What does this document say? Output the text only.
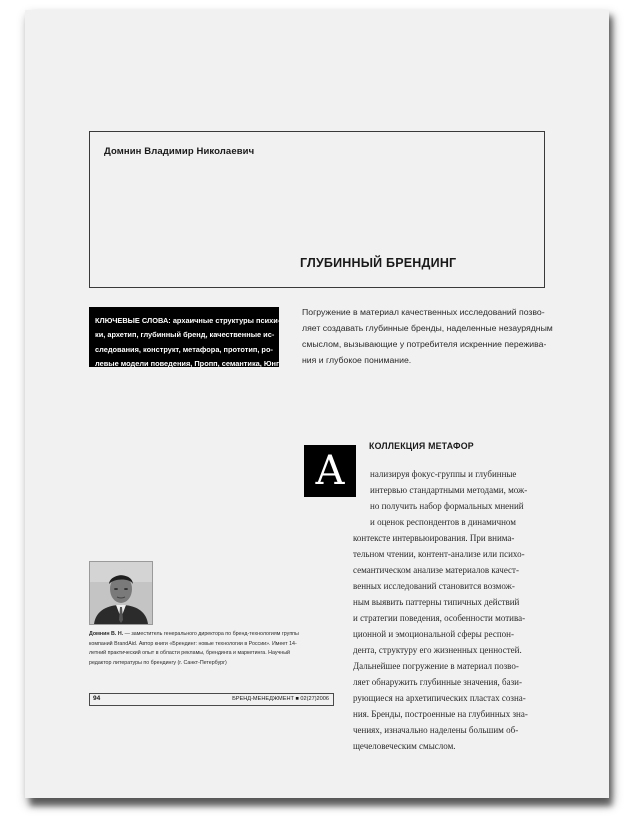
Домнин Владимир Николаевич
ГЛУБИННЫЙ БРЕНДИНГ
КЛЮЧЕВЫЕ СЛОВА: архаичные структуры психи-
ки, архетип, глубинный бренд, качественные ис-
следования, конструкт, метафора, прототип, ро-
левые модели поведения, Пропп, семантика, Юнг
Погружение в материал качественных исследований позво-
ляет создавать глубинные бренды, наделенные незаурядным
смыслом, вызывающие у потребителя искренние пережива-
ния и глубокое понимание.
КОЛЛЕКЦИЯ МЕТАФОР
А	нализируя фокус-группы и глубинные
интервью стандартными методами, мож-
но получить набор формальных мнений
и оценок респондентов в динамичном
контексте интервьюирования. При внима-
тельном чтении, контент-анализе или психо-
семантическом анализе материалов качест-
венных исследований становится возмож-
ным выявить паттерны типичных действий
и стратегии поведения, особенности мотива-
ционной и эмоциональной сферы респон-
дента, структуру его жизненных ценностей.
Дальнейшее погружение в материал позво-
ляет обнаружить глубинные значения, бази-
рующиеся на архетипических пластах созна-
ния. Бренды, построенные на глубинных зна-
чениях, изначально наделены большим об-
щечеловеческим смыслом.
Домнин В. Н. — заместитель генерального директора по бренд-технологиям группы
компаний BrandAid. Автор книги «Брендинг: новые технологии в России». Имеет 14-
летний практический опыт в области рекламы, брендинга и маркетинга. Научный
редактор литературы по брендингу (г. Санкт-Петербург)
94	БРЕНД-МЕНЕДЖМЕНТ ■ 02(27)2006
